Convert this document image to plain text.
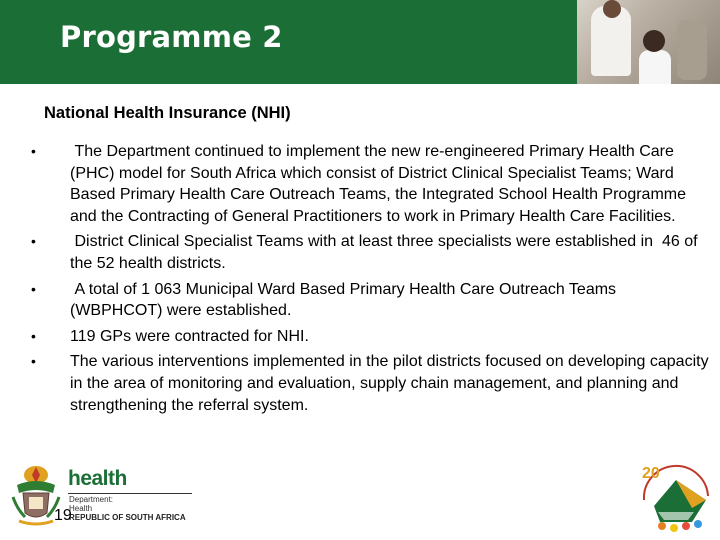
Programme 2
National Health Insurance (NHI)
• The Department continued to implement the new re-engineered Primary Health Care (PHC) model for South Africa which consist of District Clinical Specialist Teams; Ward Based Primary Health Care Outreach Teams, the Integrated School Health Programme and the Contracting of General Practitioners to work in Primary Health Care Facilities.
• District Clinical Specialist Teams with at least three specialists were established in  46 of the 52 health districts.
• A total of 1 063 Municipal Ward Based Primary Health Care Outreach Teams (WBPHCOT) were established.
• 119 GPs were contracted for NHI.
• The various interventions implemented in the pilot districts focused on developing capacity in the area of monitoring and evaluation, supply chain management, and planning and strengthening the referral system.
health
Department:
Health
REPUBLIC OF SOUTH AFRICA
19
20
